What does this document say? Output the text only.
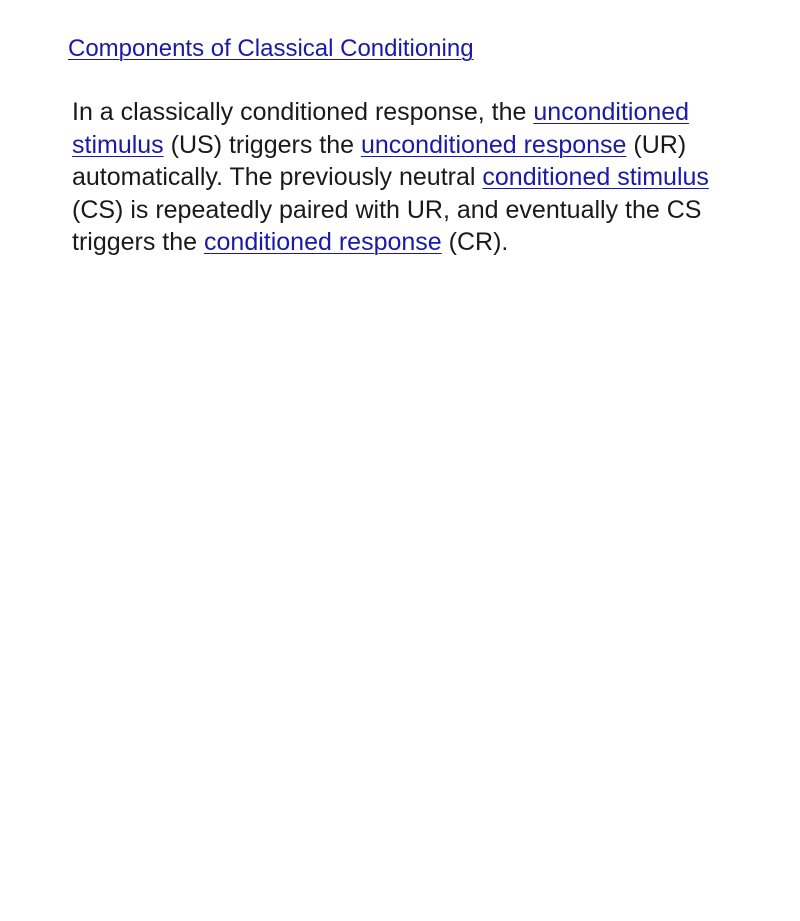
Components of Classical Conditioning

In a classically conditioned response, the unconditioned stimulus (US) triggers the unconditioned response (UR) automatically. The previously neutral conditioned stimulus (CS) is repeatedly paired with UR, and eventually the CS triggers the conditioned response (CR).
